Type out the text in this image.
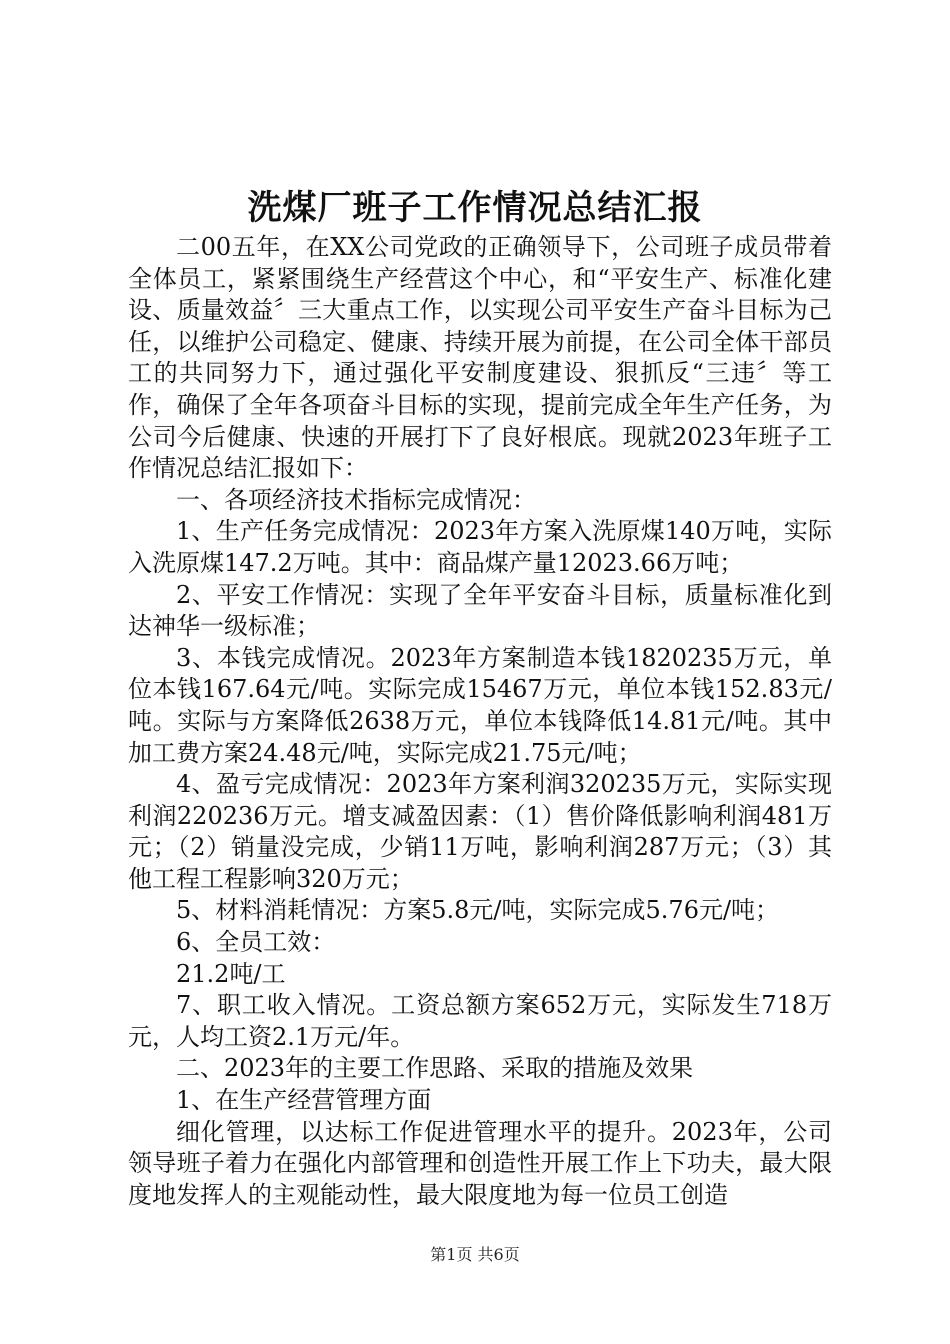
洗煤厂班子工作情况总结汇报

二00五年，在XX公司党政的正确领导下，公司班子成员带着全体员工，紧紧围绕生产经营这个中心，和“平安生产、标准化建设、质量效益〞三大重点工作，以实现公司平安生产奋斗目标为己任，以维护公司稳定、健康、持续开展为前提，在公司全体干部员工的共同努力下，通过强化平安制度建设、狠抓反“三违〞等工作，确保了全年各项奋斗目标的实现，提前完成全年生产任务，为公司今后健康、快速的开展打下了良好根底。现就2023年班子工作情况总结汇报如下：

一、各项经济技术指标完成情况：

1、生产任务完成情况：2023年方案入洗原煤140万吨，实际入洗原煤147.2万吨。其中：商品煤产量12023.66万吨；

2、平安工作情况：实现了全年平安奋斗目标，质量标准化到达神华一级标准；

3、本钱完成情况。2023年方案制造本钱1820235万元，单位本钱167.64元/吨。实际完成15467万元，单位本钱152.83元/吨。实际与方案降低2638万元，单位本钱降低14.81元/吨。其中加工费方案24.48元/吨，实际完成21.75元/吨；

4、盈亏完成情况：2023年方案利润320235万元，实际实现利润220236万元。增支减盈因素：（1）售价降低影响利润481万元；（2）销量没完成，少销11万吨，影响利润287万元；（3）其他工程工程影响320万元；

5、材料消耗情况：方案5.8元/吨，实际完成5.76元/吨；

6、全员工效：

21.2吨/工

7、职工收入情况。工资总额方案652万元，实际发生718万元，人均工资2.1万元/年。

二、2023年的主要工作思路、采取的措施及效果

1、在生产经营管理方面

细化管理，以达标工作促进管理水平的提升。2023年，公司领导班子着力在强化内部管理和创造性开展工作上下功夫，最大限度地发挥人的主观能动性，最大限度地为每一位员工创造

第1页 共6页
